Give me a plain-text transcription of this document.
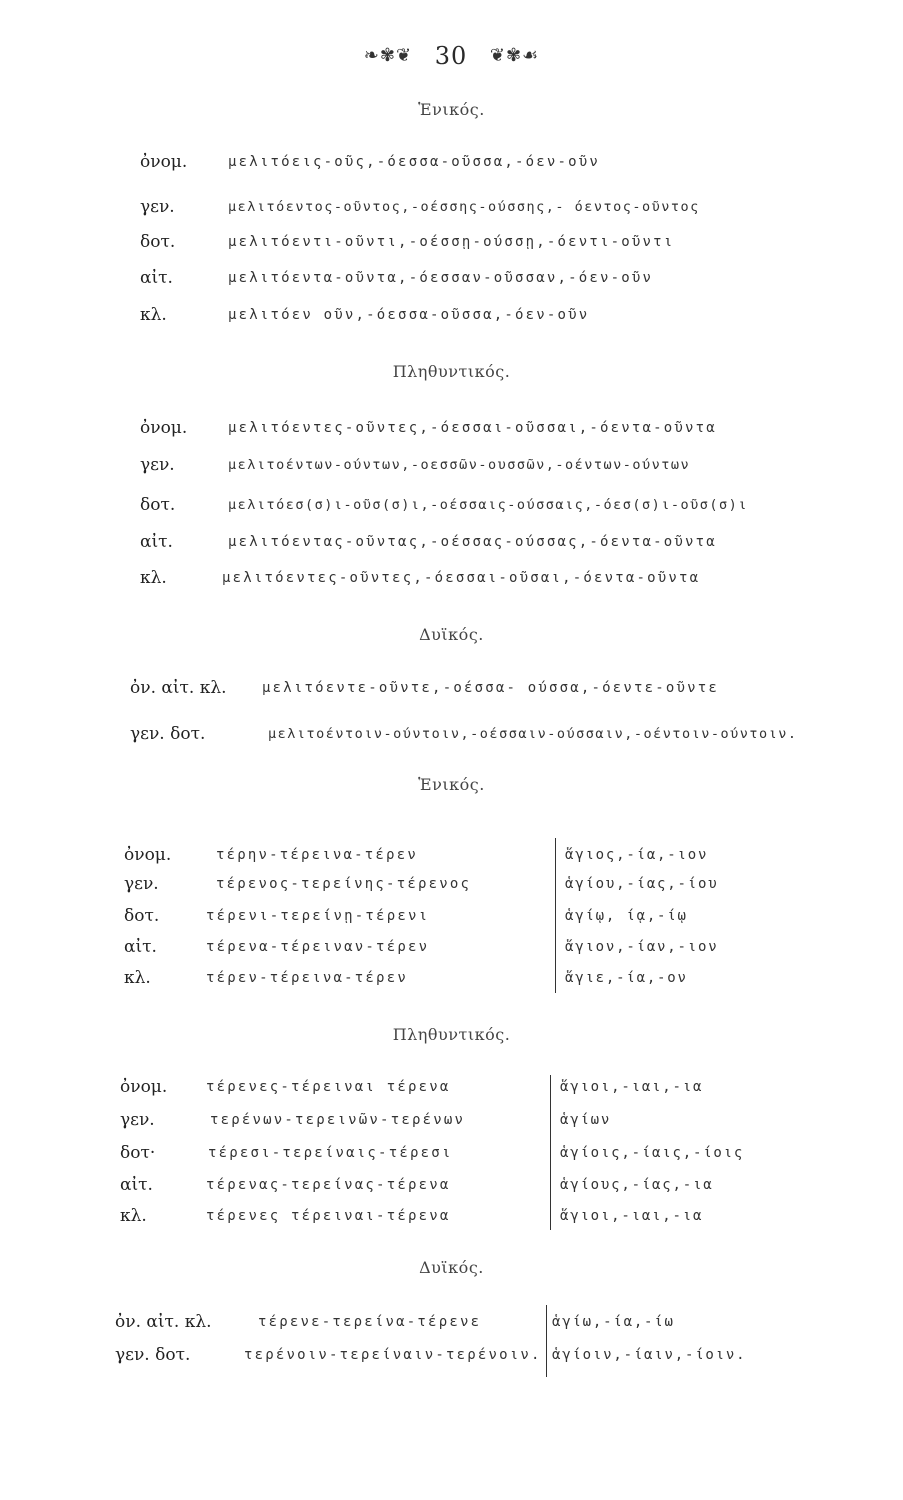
❧✾❦ 30 ❦✾☙
Ἑνικός.
ὀνομ.	μελιτόεις-οῦς,-όεσσα-οῦσσα,-όεν-οῦν
γεν.	μελιτόεντος-οῦντος,-οέσσης-ούσσης,- όεντος-οῦντος
δοτ.	μελιτόεντι-οῦντι,-οέσσῃ-ούσσῃ,-όεντι-οῦντι
αἰτ.	μελιτόεντα-οῦντα,-όεσσαν-οῦσσαν,-όεν-οῦν
κλ.	μελιτόεν οῦν,-όεσσα-οῦσσα,-όεν-οῦν
Πληθυντικός.
ὀνομ.	μελιτόεντες-οῦντες,-όεσσαι-οῦσσαι,-όεντα-οῦντα
γεν.	μελιτοέντων-ούντων,-οεσσῶν-ουσσῶν,-οέντων-ούντων
δοτ.	μελιτόεσ(σ)ι-οῦσ(σ)ι,-οέσσαις-ούσσαις,-όεσ(σ)ι-οῦσ(σ)ι
αἰτ.	μελιτόεντας-οῦντας,-οέσσας-ούσσας,-όεντα-οῦντα
κλ.	μελιτόεντες-οῦντες,-όεσσαι-οῦσαι,-όεντα-οῦντα
Δυϊκός.
ὀν. αἰτ. κλ.	μελιτόεντε-οῦντε,-οέσσα- ούσσα,-όεντε-οῦντε
γεν. δοτ.	μελιτοέντοιν-ούντοιν,-οέσσαιν-ούσσαιν,-οέντοιν-ούντοιν.
Ἑνικός.
ὀνομ.	τέρην-τέρεινα-τέρεν	ἅγιος,-ία,-ιον
γεν.	τέρενος-τερείνης-τέρενος	ἁγίου,-ίας,-ίου
δοτ.	τέρενι-τερείνῃ-τέρενι	ἁγίῳ, ίᾳ,-ίῳ
αἰτ.	τέρενα-τέρειναν-τέρεν	ἅγιον,-ίαν,-ιον
κλ.	τέρεν-τέρεινα-τέρεν	ἅγιε,-ία,-ον
Πληθυντικός.
ὀνομ.	τέρενες-τέρειναι τέρενα	ἅγιοι,-ιαι,-ια
γεν.	τερένων-τερεινῶν-τερένων	ἁγίων
δοτ·	τέρεσι-τερείναις-τέρεσι	ἁγίοις,-ίαις,-ίοις
αἰτ.	τέρενας-τερείνας-τέρενα	ἁγίους,-ίας,-ια
κλ.	τέρενες τέρειναι-τέρενα	ἅγιοι,-ιαι,-ια
Δυϊκός.
ὀν. αἰτ. κλ.	τέρενε-τερείνα-τέρενε	ἁγίω,-ία,-ίω
γεν. δοτ.	τερένοιν-τερείναιν-τερένοιν. ἁγίοιν,-ίαιν,-ίοιν.
